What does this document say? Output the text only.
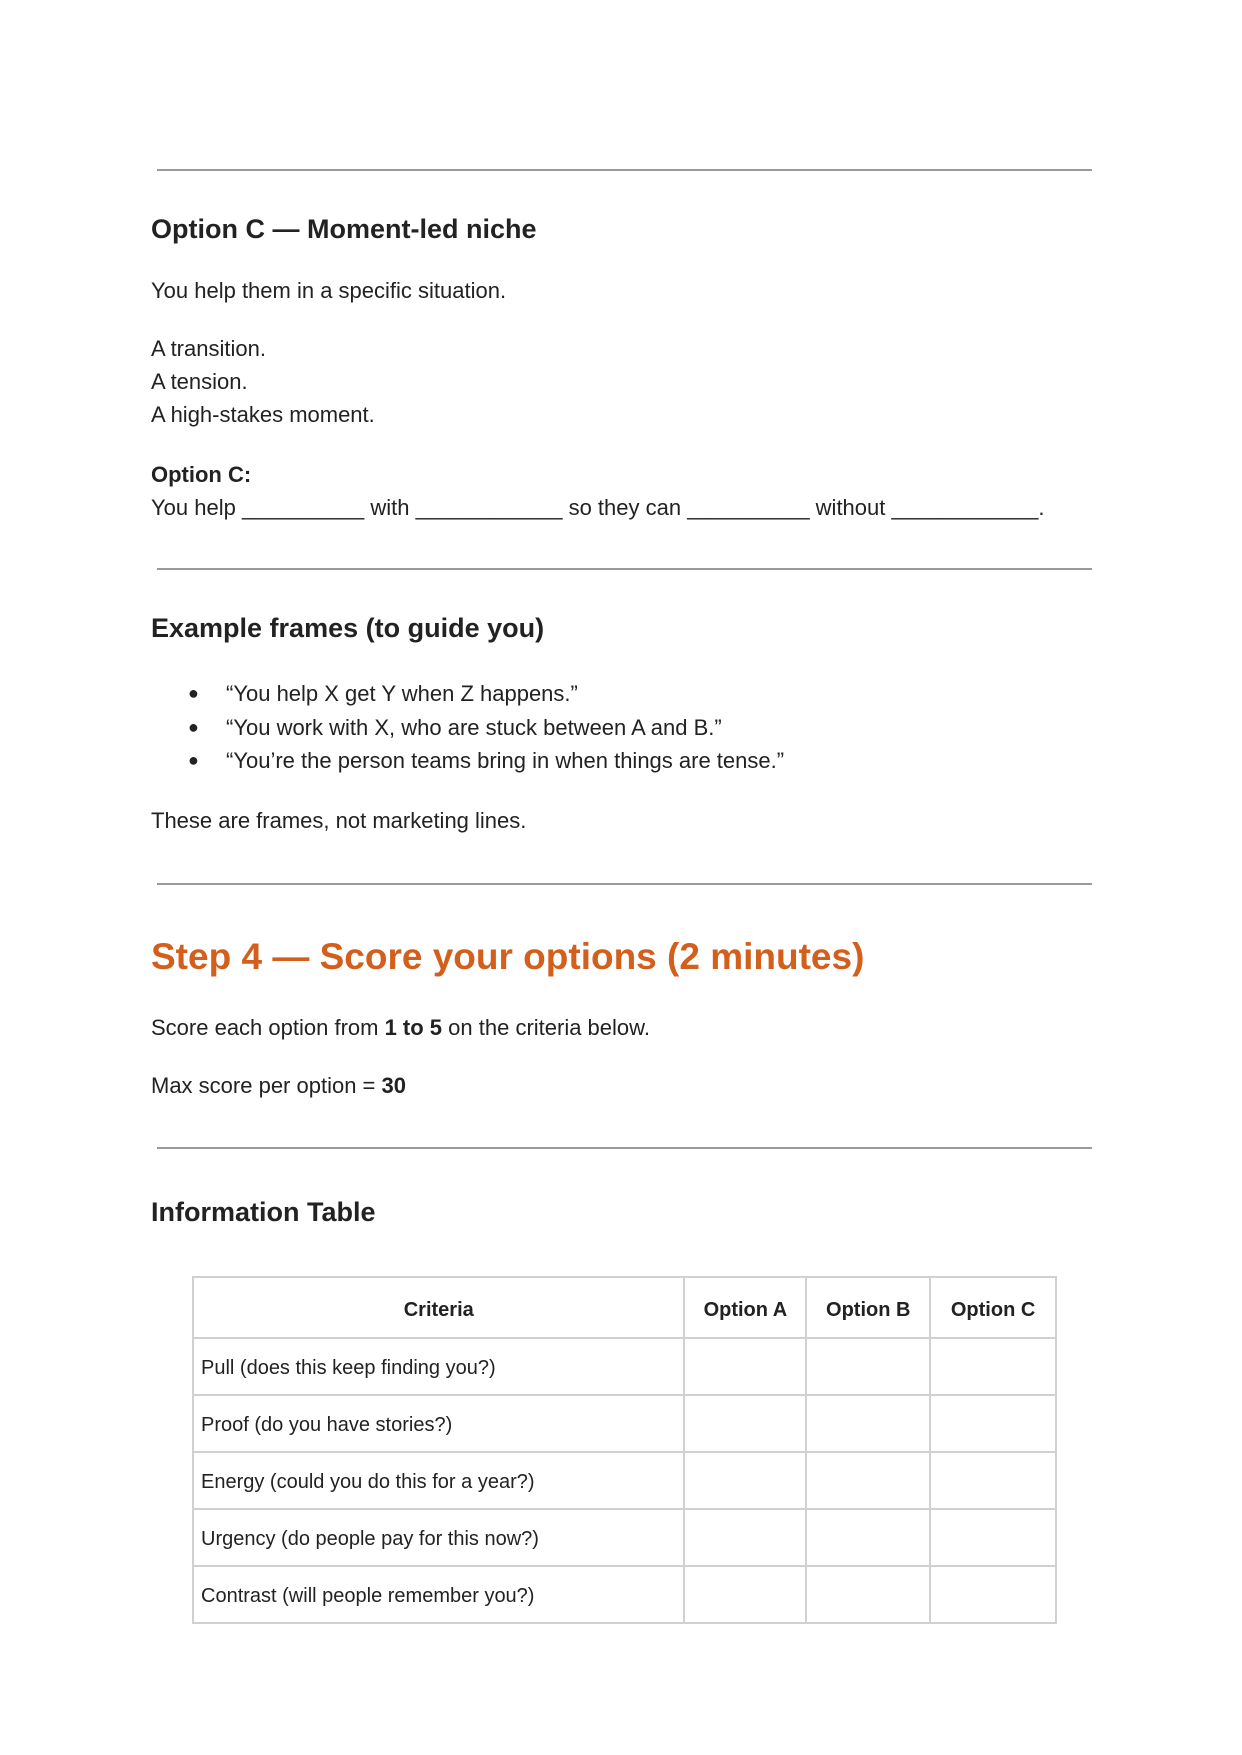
Option C — Moment-led niche

You help them in a specific situation.

A transition.

A tension.

A high-stakes moment.

Option C:

You help __________ with ____________ so they can __________ without ____________.

Example frames (to guide you)
● “You help X get Y when Z happens.”
● “You work with X, who are stuck between A and B.”
● “You’re the person teams bring in when things are tense.”

These are frames, not marketing lines.

Step 4 — Score your options (2 minutes)

Score each option from 1 to 5 on the criteria below.

Max score per option = 30

Information Table
Criteria	Option A	Option B	Option C
Pull (does this keep finding you?)			
Proof (do you have stories?)			
Energy (could you do this for a year?)			
Urgency (do people pay for this now?)			
Contrast (will people remember you?)			
